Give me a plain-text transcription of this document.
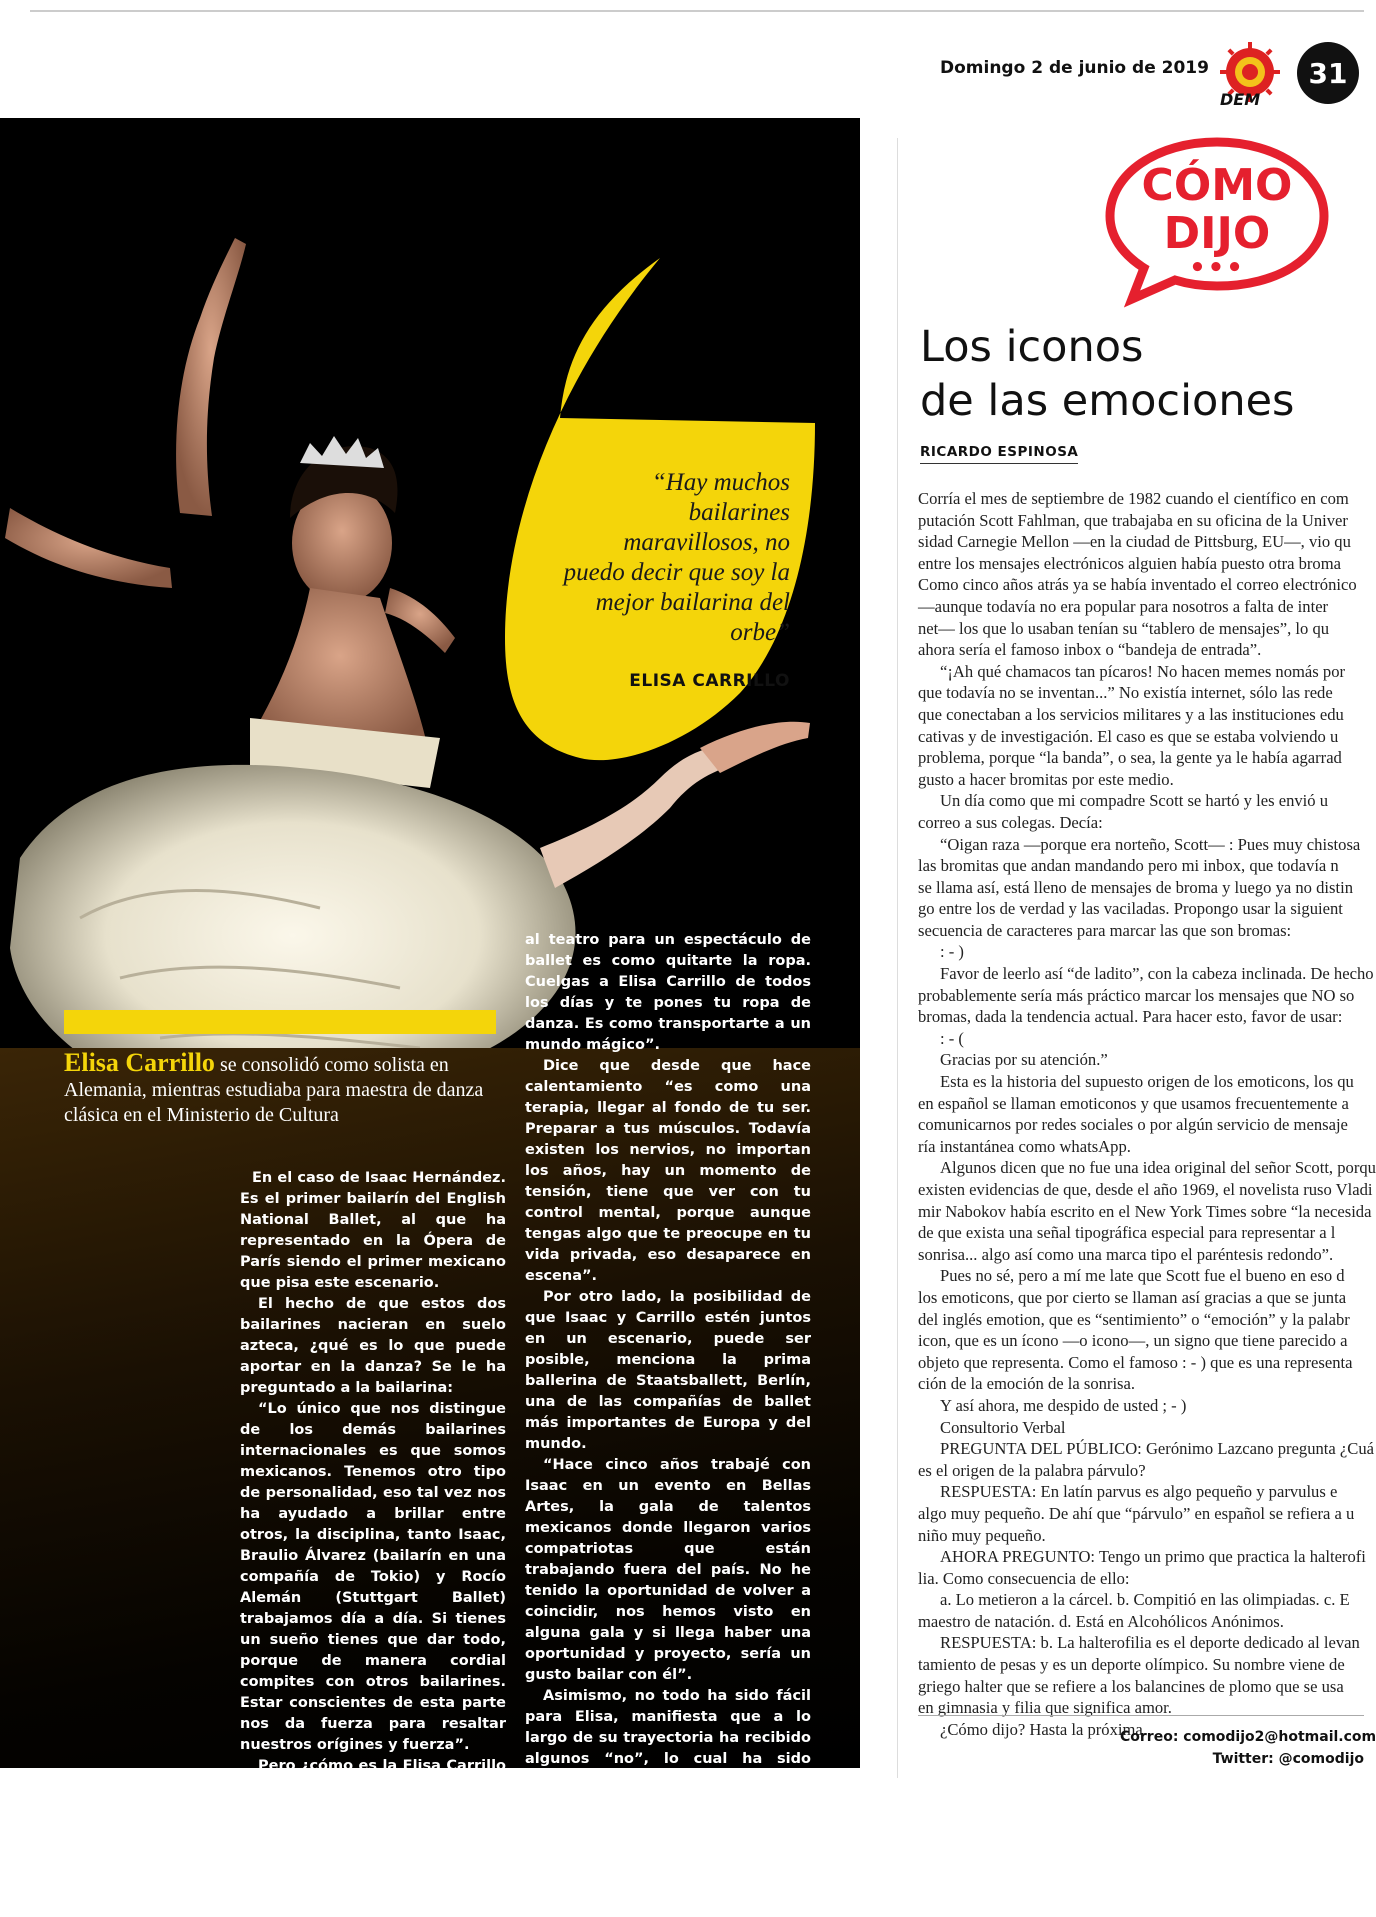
Domingo 2 de junio de 2019
DEM
31
“Hay muchos bailarines maravillosos, no puedo decir que soy la mejor bailarina del orbe”
ELISA CARRILLO
Elisa Carrillo se consolidó como solista en Alemania, mientras estudiaba para maestra de danza clásica en el Ministerio de Cultura

En el caso de Isaac Hernández. Es el primer bailarín del English National Ballet, al que ha representado en la Ópera de París siendo el primer mexicano que pisa este escenario.

El hecho de que estos dos bailarines nacieran en suelo azteca, ¿qué es lo que puede aportar en la danza? Se le ha preguntado a la bailarina:

“Lo único que nos distingue de los demás bailarines internacionales es que somos mexicanos. Tenemos otro tipo de personalidad, eso tal vez nos ha ayudado a brillar entre otros, la disciplina, tanto Isaac, Braulio Álvarez (bailarín en una compañía de Tokio) y Rocío Alemán (Stuttgart Ballet) trabajamos día a día. Si tienes un sueño tienes que dar todo, porque de manera cordial compites con otros bailarines. Estar conscientes de esta parte nos da fuerza para resaltar nuestros orígines y fuerza”.

Pero ¿cómo es la Elisa Carrillo en la vida pública y en el escenario,?

“Realmente yo creo que con los años, con la práctica y la meditación uno aprende a separar. Cuando llego

al teatro para un espectáculo de ballet es como quitarte la ropa. Cuelgas a Elisa Carrillo de todos los días y te pones tu ropa de danza. Es como transportarte a un mundo mágico”.

Dice que desde que hace calentamiento “es como una terapia, llegar al fondo de tu ser. Preparar a tus músculos. Todavía existen los nervios, no importan los años, hay un momento de tensión, tiene que ver con tu control mental, porque aunque tengas algo que te preocupe en tu vida privada, eso desaparece en escena”.

Por otro lado, la posibilidad de que Isaac y Carrillo estén juntos en un escenario, puede ser posible, menciona la prima ballerina de Staatsballett, Berlín, una de las compañías de ballet más importantes de Europa y del mundo.

“Hace cinco años trabajé con Isaac en un evento en Bellas Artes, la gala de talentos mexicanos donde llegaron varios compatriotas que están trabajando fuera del país. No he tenido la oportunidad de volver a coincidir, nos hemos visto en alguna gala y si llega haber una oportunidad y proyecto, sería un gusto bailar con él”.

Asimismo, no todo ha sido fácil para Elisa, manifiesta que a lo largo de su trayectoria ha recibido algunos “no”, lo cual ha sido “parte de mi vida, es algo que te fortalece, un 'no' te ayuda a pensar qué es lo que me falta hacer para que eso se logre. Es algo que me ha ayudado, porque te obliga a esforzarte más todos los días”, finaliza.

CÓMO
DIJO
•••
Los iconos
de las emociones
RICARDO ESPINOSA
Corría el mes de septiembre de 1982 cuando el científico en com
putación Scott Fahlman, que trabajaba en su oficina de la Univer
sidad Carnegie Mellon —en la ciudad de Pittsburg, EU—, vio qu
entre los mensajes electrónicos alguien había puesto otra broma
Como cinco años atrás ya se había inventado el correo electrónico
—aunque todavía no era popular para nosotros a falta de inter
net— los que lo usaban tenían su “tablero de mensajes”, lo qu
ahora sería el famoso inbox o “bandeja de entrada”.
“¡Ah qué chamacos tan pícaros! No hacen memes nomás por
que todavía no se inventan...” No existía internet, sólo las rede
que conectaban a los servicios militares y a las instituciones edu
cativas y de investigación. El caso es que se estaba volviendo u
problema, porque “la banda”, o sea, la gente ya le había agarrad
gusto a hacer bromitas por este medio.
Un día como que mi compadre Scott se hartó y les envió u
correo a sus colegas. Decía:
“Oigan raza —porque era norteño, Scott— : Pues muy chistosa
las bromitas que andan mandando pero mi inbox, que todavía n
se llama así, está lleno de mensajes de broma y luego ya no distin
go entre los de verdad y las vaciladas. Propongo usar la siguient
secuencia de caracteres para marcar las que son bromas:
: - )
Favor de leerlo así “de ladito”, con la cabeza inclinada. De hecho
probablemente sería más práctico marcar los mensajes que NO so
bromas, dada la tendencia actual. Para hacer esto, favor de usar:
: - (
Gracias por su atención.”
Esta es la historia del supuesto origen de los emoticons, los qu
en español se llaman emoticonos y que usamos frecuentemente a
comunicarnos por redes sociales o por algún servicio de mensaje
ría instantánea como whatsApp.
Algunos dicen que no fue una idea original del señor Scott, porqu
existen evidencias de que, desde el año 1969, el novelista ruso Vladi
mir Nabokov había escrito en el New York Times sobre “la necesida
de que exista una señal tipográfica especial para representar a l
sonrisa... algo así como una marca tipo el paréntesis redondo”.
Pues no sé, pero a mí me late que Scott fue el bueno en eso d
los emoticons, que por cierto se llaman así gracias a que se junta
del inglés emotion, que es “sentimiento” o “emoción” y la palabr
icon, que es un ícono —o icono—, un signo que tiene parecido a
objeto que representa. Como el famoso : - ) que es una representa
ción de la emoción de la sonrisa.
Y así ahora, me despido de usted ; - )
Consultorio Verbal
PREGUNTA DEL PÚBLICO: Gerónimo Lazcano pregunta ¿Cuá
es el origen de la palabra párvulo?
RESPUESTA: En latín parvus es algo pequeño y parvulus e
algo muy pequeño. De ahí que “párvulo” en español se refiera a u
niño muy pequeño.
AHORA PREGUNTO: Tengo un primo que practica la halterofi
lia. Como consecuencia de ello:
a. Lo metieron a la cárcel. b. Compitió en las olimpiadas. c. E
maestro de natación. d. Está en Alcohólicos Anónimos.
RESPUESTA: b. La halterofilia es el deporte dedicado al levan
tamiento de pesas y es un deporte olímpico. Su nombre viene de
griego halter que se refiere a los balancines de plomo que se usa
en gimnasia y filia que significa amor.
¿Cómo dijo? Hasta la próxima.
Correo: comodijo2@hotmail.com
Twitter: @comodijo
